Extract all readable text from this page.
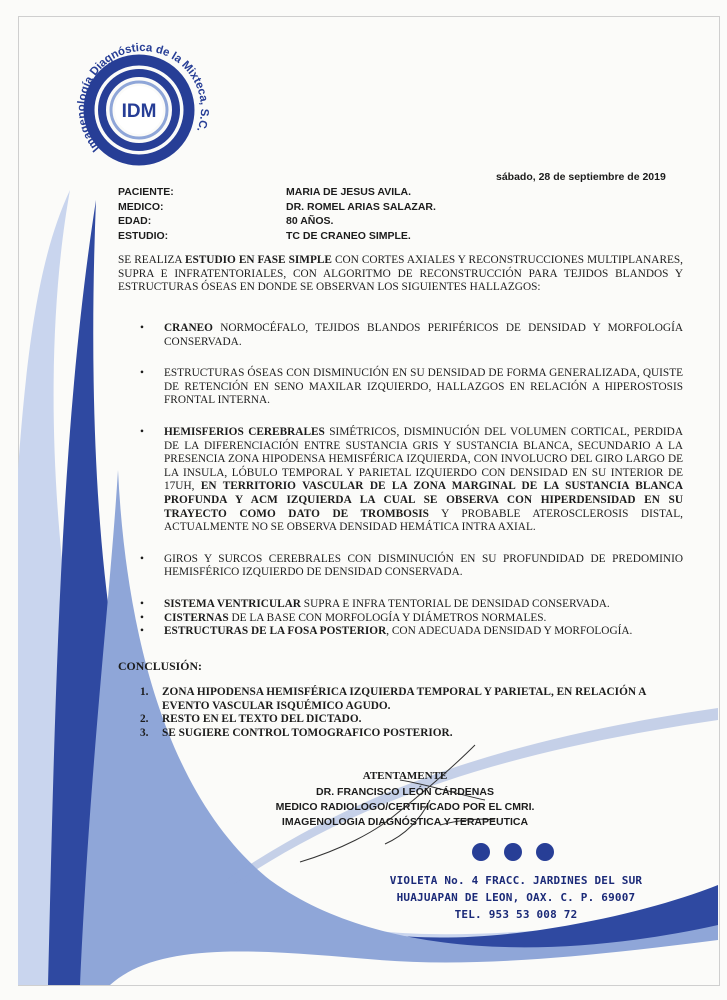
IDM
Imagenología Diagnóstica de la Mixteca, S.C.
sábado, 28 de septiembre de 2019
PACIENTE:	MARIA DE JESUS AVILA.
MEDICO:	DR. ROMEL ARIAS SALAZAR.
EDAD:	80 AÑOS.
ESTUDIO:	TC DE CRANEO SIMPLE.
SE REALIZA ESTUDIO EN FASE SIMPLE CON CORTES AXIALES Y RECONSTRUCCIONES MULTIPLANARES, SUPRA E INFRATENTORIALES, CON ALGORITMO DE RECONSTRUCCIÓN PARA TEJIDOS BLANDOS Y ESTRUCTURAS ÓSEAS EN DONDE SE OBSERVAN LOS SIGUIENTES HALLAZGOS:
• CRANEO NORMOCÉFALO, TEJIDOS BLANDOS PERIFÉRICOS DE DENSIDAD Y MORFOLOGÍA CONSERVADA.
• ESTRUCTURAS ÓSEAS CON DISMINUCIÓN EN SU DENSIDAD DE FORMA GENERALIZADA, QUISTE DE RETENCIÓN EN SENO MAXILAR IZQUIERDO, HALLAZGOS EN RELACIÓN A HIPEROSTOSIS FRONTAL INTERNA.
• HEMISFERIOS CEREBRALES SIMÉTRICOS, DISMINUCIÓN DEL VOLUMEN CORTICAL, PERDIDA DE LA DIFERENCIACIÓN ENTRE SUSTANCIA GRIS Y SUSTANCIA BLANCA, SECUNDARIO A LA PRESENCIA ZONA HIPODENSA HEMISFÉRICA IZQUIERDA, CON INVOLUCRO DEL GIRO LARGO DE LA INSULA, LÓBULO TEMPORAL Y PARIETAL IZQUIERDO CON DENSIDAD EN SU INTERIOR DE 17UH, EN TERRITORIO VASCULAR DE LA ZONA MARGINAL DE LA SUSTANCIA BLANCA PROFUNDA Y ACM IZQUIERDA LA CUAL SE OBSERVA CON HIPERDENSIDAD EN SU TRAYECTO COMO DATO DE TROMBOSIS Y PROBABLE ATEROSCLEROSIS DISTAL, ACTUALMENTE NO SE OBSERVA DENSIDAD HEMÁTICA INTRA AXIAL.
• GIROS Y SURCOS CEREBRALES CON DISMINUCIÓN EN SU PROFUNDIDAD DE PREDOMINIO HEMISFÉRICO IZQUIERDO DE DENSIDAD CONSERVADA.
• SISTEMA VENTRICULAR SUPRA E INFRA TENTORIAL DE DENSIDAD CONSERVADA.
• CISTERNAS DE LA BASE CON MORFOLOGÍA Y DIÁMETROS NORMALES.
• ESTRUCTURAS DE LA FOSA POSTERIOR, CON ADECUADA DENSIDAD Y MORFOLOGÍA.
CONCLUSIÓN:
1. ZONA HIPODENSA HEMISFÉRICA IZQUIERDA TEMPORAL Y PARIETAL, EN RELACIÓN A EVENTO VASCULAR ISQUÉMICO AGUDO.
2. RESTO EN EL TEXTO DEL DICTADO.
3. SE SUGIERE CONTROL TOMOGRAFICO POSTERIOR.
ATENTAMENTE
DR. FRANCISCO LEÓN CÁRDENAS
MEDICO RADIOLOGO/CERTIFICADO POR EL CMRI.
IMAGENOLOGIA DIAGNÓSTICA Y TERAPEUTICA
VIOLETA No. 4 FRACC. JARDINES DEL SUR
HUAJUAPAN DE LEON, OAX. C. P. 69007
TEL. 953 53 008 72
